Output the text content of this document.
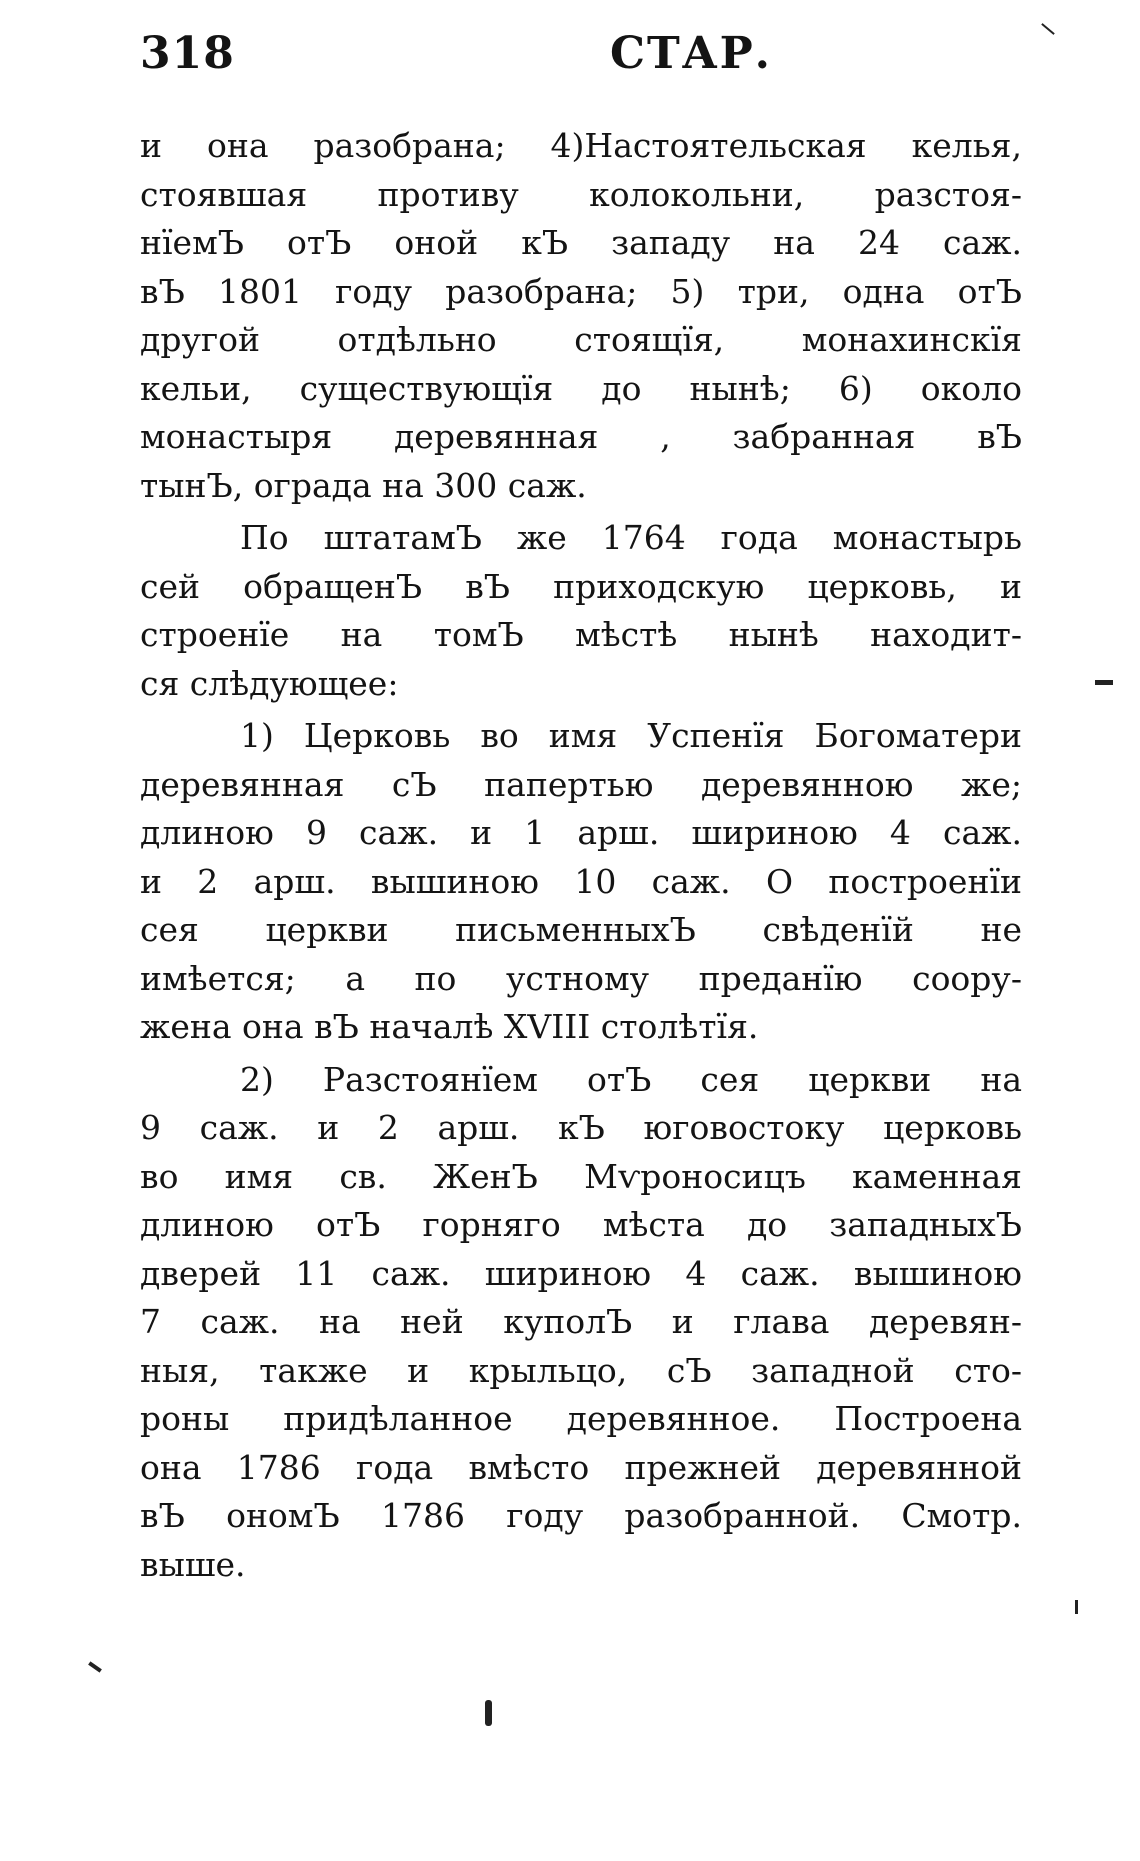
318	СТАР.
и она разобрана; 4)Настоятельская келья,
стоявшая противу колокольни, разстоя-
нїемЪ отЪ оной кЪ западу на 24 саж.
вЪ 1801 году разобрана; 5) три, одна отЪ
другой отдѣльно стоящїя, монахинскїя
кельи, существующїя до нынѣ; 6) около
монастыря деревянная , забранная вЪ
тынЪ, ограда на 300 саж.
По штатамЪ же 1764 года монастырь
сей обращенЪ вЪ приходскую церковь, и
строенїе на томЪ мѣстѣ нынѣ находит-
ся слѣдующее:
1) Церковь во имя Успенїя Богоматери
деревянная сЪ папертью деревянною же;
длиною 9 саж. и 1 арш. шириною 4 саж.
и 2 арш. вышиною 10 саж. О построенїи
сея церкви письменныхЪ свѣденїй не
имѣется; а по устному преданїю соору-
жена она вЪ началѣ XVIII столѣтїя.
2) Разстоянїем отЪ сея церкви на
9 саж. и 2 арш. кЪ юговостоку церковь
во имя св. ЖенЪ Мѵроносицъ каменная
длиною отЪ горняго мѣста до западныхЪ
дверей 11 саж. шириною 4 саж. вышиною
7 саж. на ней куполЪ и глава деревян-
ныя, также и крыльцо, сЪ западной сто-
роны придѣланное деревянное. Построена
она 1786 года вмѣсто прежней деревянной
вЪ ономЪ 1786 году разобранной. Смотр.
выше.
